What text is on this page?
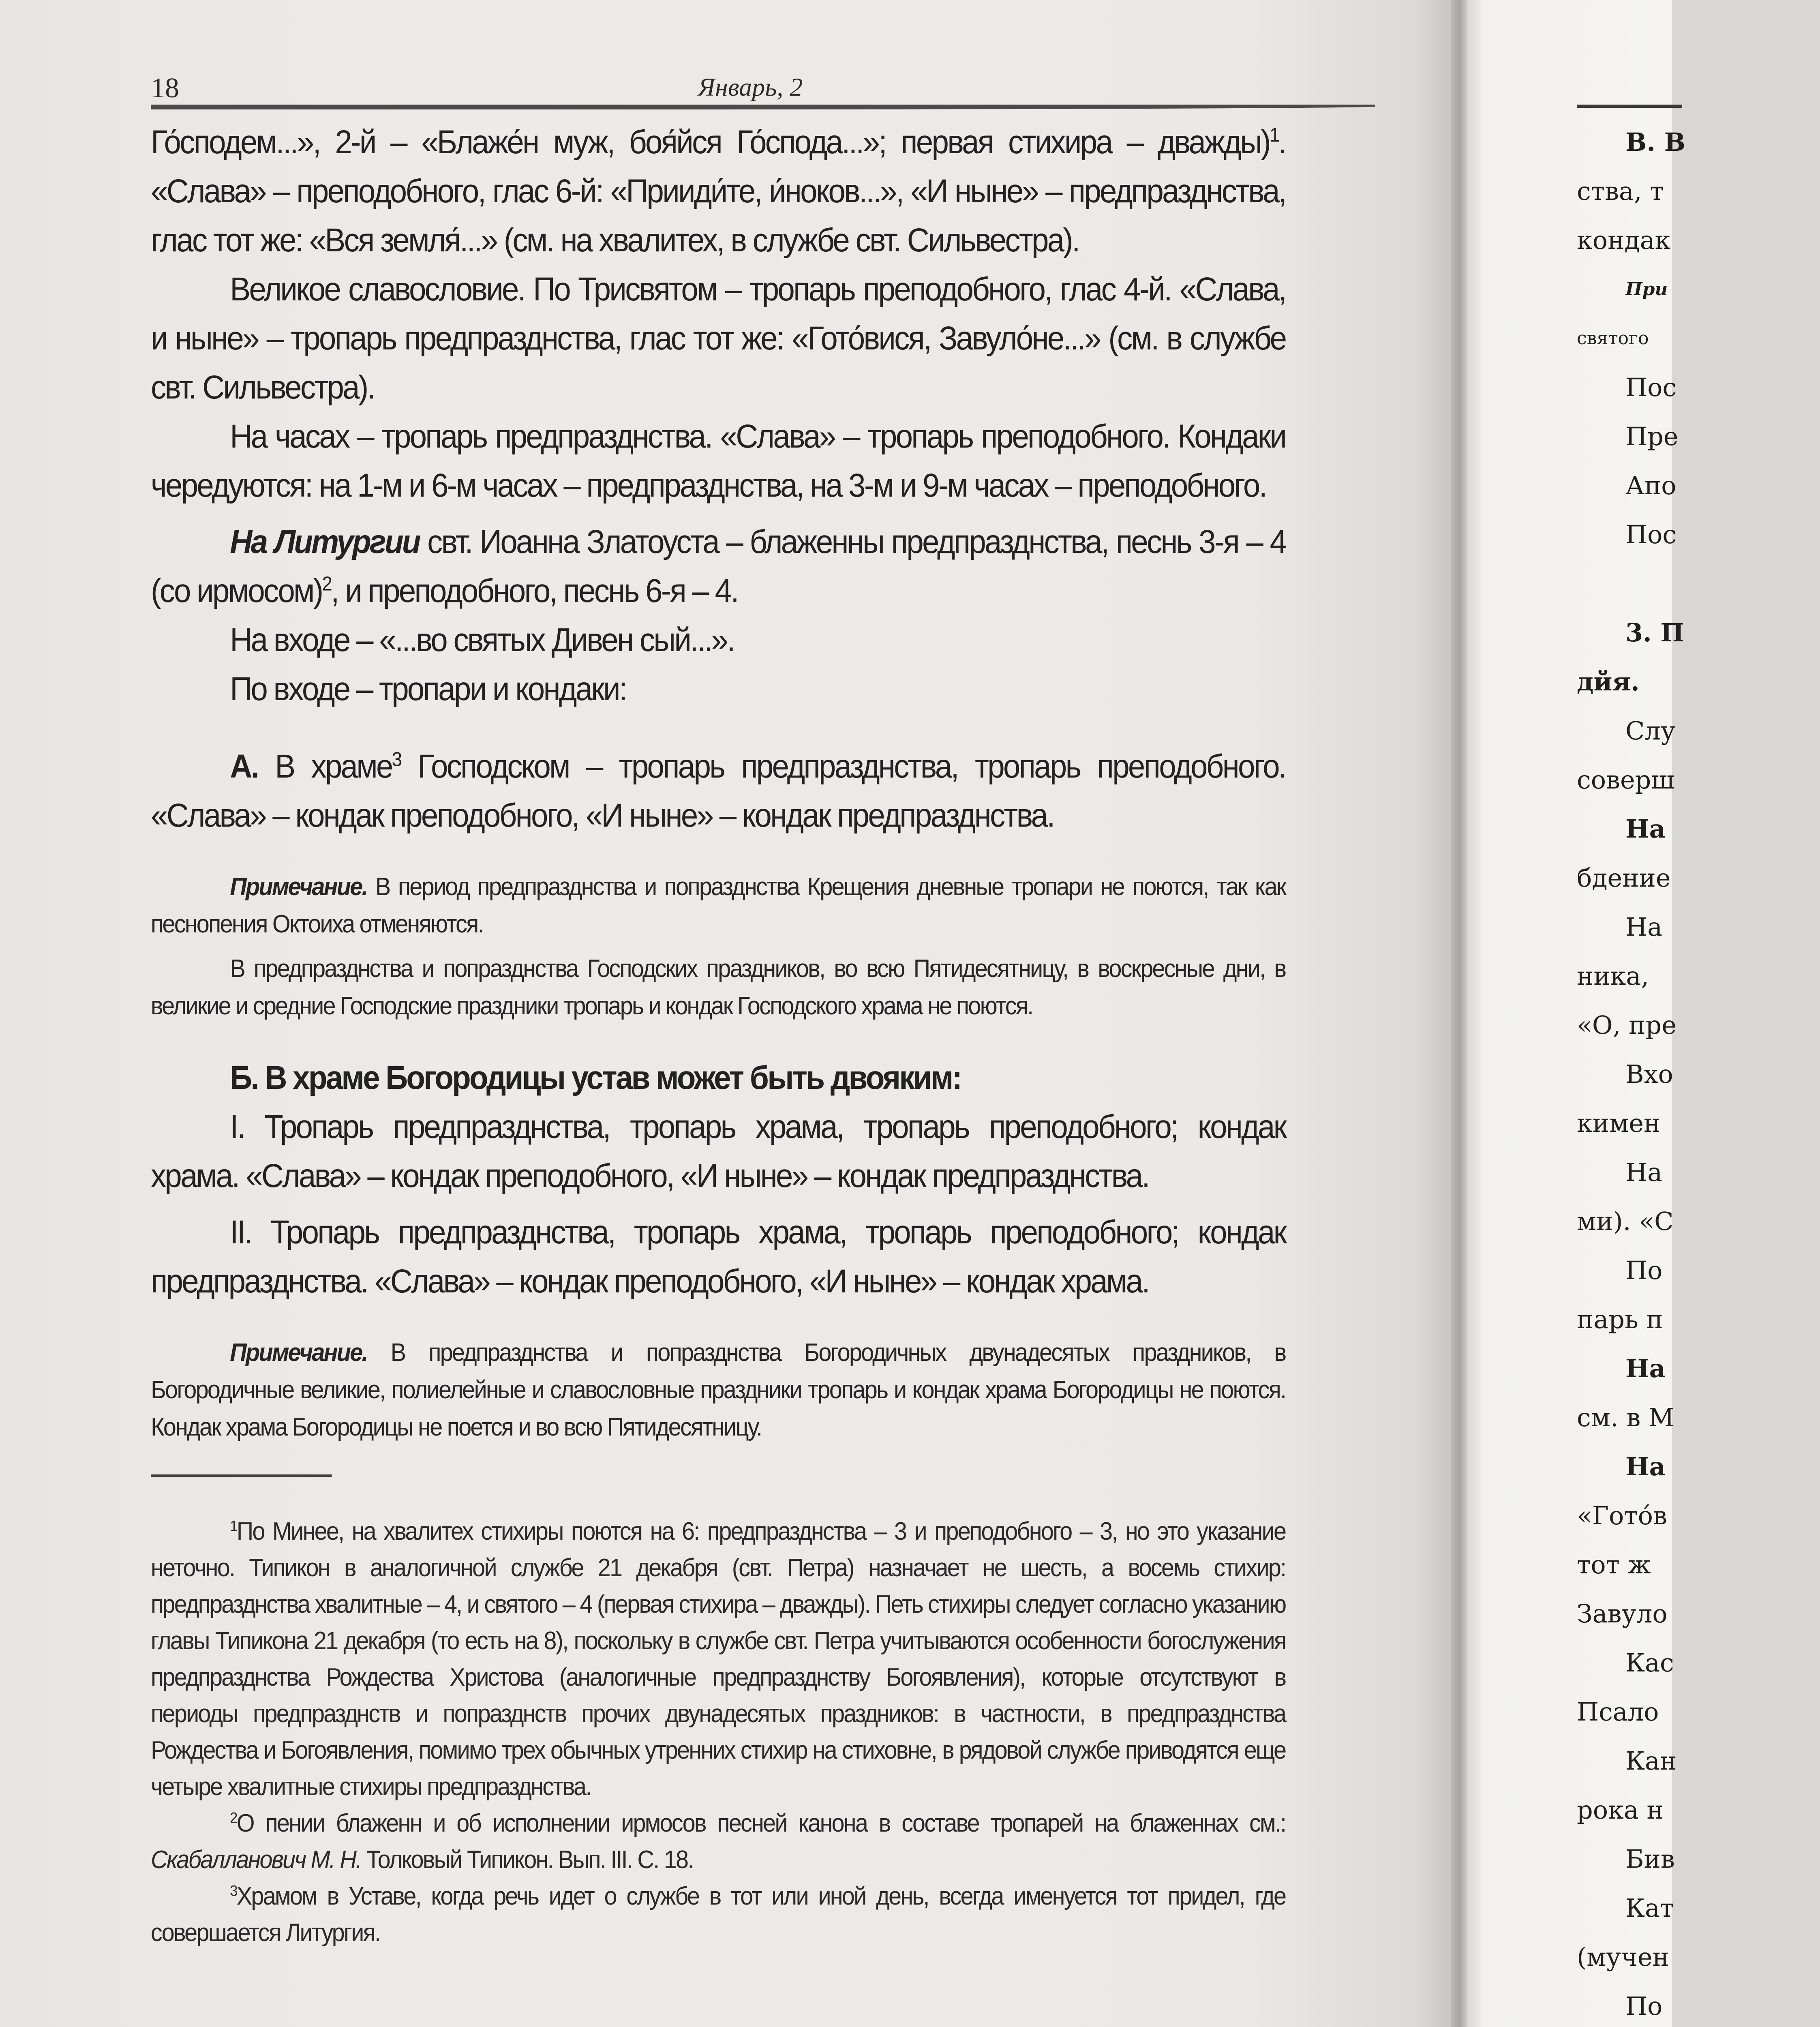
18	Январь, 2

Го́сподем...», 2-й – «Блаже́н муж, боя́йся Го́спода...»; первая стихира – дважды)$^1$. «Слава» – преподобного, глас 6-й: «Прииди́те, и́ноков...», «И ныне» – предпразднства, глас тот же: «Вся земля́...» (см. на хвалитех, в службе свт. Сильвестра).

Великое славословие. По Трисвятом – тропарь преподобного, глас 4-й. «Слава, и ныне» – тропарь предпразднства, глас тот же: «Гото́вися, Завуло́не...» (см. в службе свт. Сильвестра).

На часах – тропарь предпразднства. «Слава» – тропарь преподобного. Кондаки чередуются: на 1-м и 6-м часах – предпразднства, на 3-м и 9-м часах – преподобного.

На Литургии свт. Иоанна Златоуста – блаженны предпразднства, песнь 3-я – 4 (со ирмосом)$^2$, и преподобного, песнь 6-я – 4.

На входе – «...во святых Дивен сый...».

По входе – тропари и кондаки:

А. В храме$^3$ Господском – тропарь предпразднства, тропарь преподобного. «Слава» – кондак преподобного, «И ныне» – кондак предпразднства.

Примечание. В период предпразднства и попразднства Крещения дневные тропари не поются, так как песнопения Октоиха отменяются.

В предпразднства и попразднства Господских праздников, во всю Пятидесятницу, в воскресные дни, в великие и средние Господские праздники тропарь и кондак Господского храма не поются.

Б. В храме Богородицы устав может быть двояким:

I. Тропарь предпразднства, тропарь храма, тропарь преподобного; кондак храма. «Слава» – кондак преподобного, «И ныне» – кондак предпразднства.

II. Тропарь предпразднства, тропарь храма, тропарь преподобного; кондак предпразднства. «Слава» – кондак преподобного, «И ныне» – кондак храма.

Примечание. В предпразднства и попразднства Богородичных двунадесятых праздников, в Богородичные великие, полиелейные и славословные праздники тропарь и кондак храма Богородицы не поются. Кондак храма Богородицы не поется и во всю Пятидесятницу.

$^1$По Минее, на хвалитех стихиры поются на 6: предпразднства – 3 и преподобного – 3, но это указание неточно. Типикон в аналогичной службе 21 декабря (свт. Петра) назначает не шесть, а восемь стихир: предпразднства хвалитные – 4, и святого – 4 (первая стихира – дважды). Петь стихиры следует согласно указанию главы Типикона 21 декабря (то есть на 8), поскольку в службе свт. Петра учитываются особенности богослужения предпразднства Рождества Христова (аналогичные предпразднству Богоявления), которые отсутствуют в периоды предпразднств и попразднств прочих двунадесятых праздников: в частности, в предпразднства Рождества и Богоявления, помимо трех обычных утренних стихир на стиховне, в рядовой службе приводятся еще четыре хвалитные стихиры предпразднства.

$^2$О пении блаженн и об исполнении ирмосов песней канона в составе тропарей на блаженнах см.: Скабалланович М. Н. Толковый Типикон. Вып. III. С. 18.

$^3$Храмом в Уставе, когда речь идет о службе в тот или иной день, всегда именуется тот придел, где совершается Литургия.

В. В
ства, т
кондак
При
святого
Пос
Пре
Апо
Пос
3. П
дйя.
Слу
соверш
На
бдение
На
ника,
«О, пре
Вхо
кимен
На
ми). «С
По
парь п
На
см. в М
На
«Гото́в
тот ж
Завуло
Кас
Псало
Кан
рока н
Бив
Кат
(мучен
По
